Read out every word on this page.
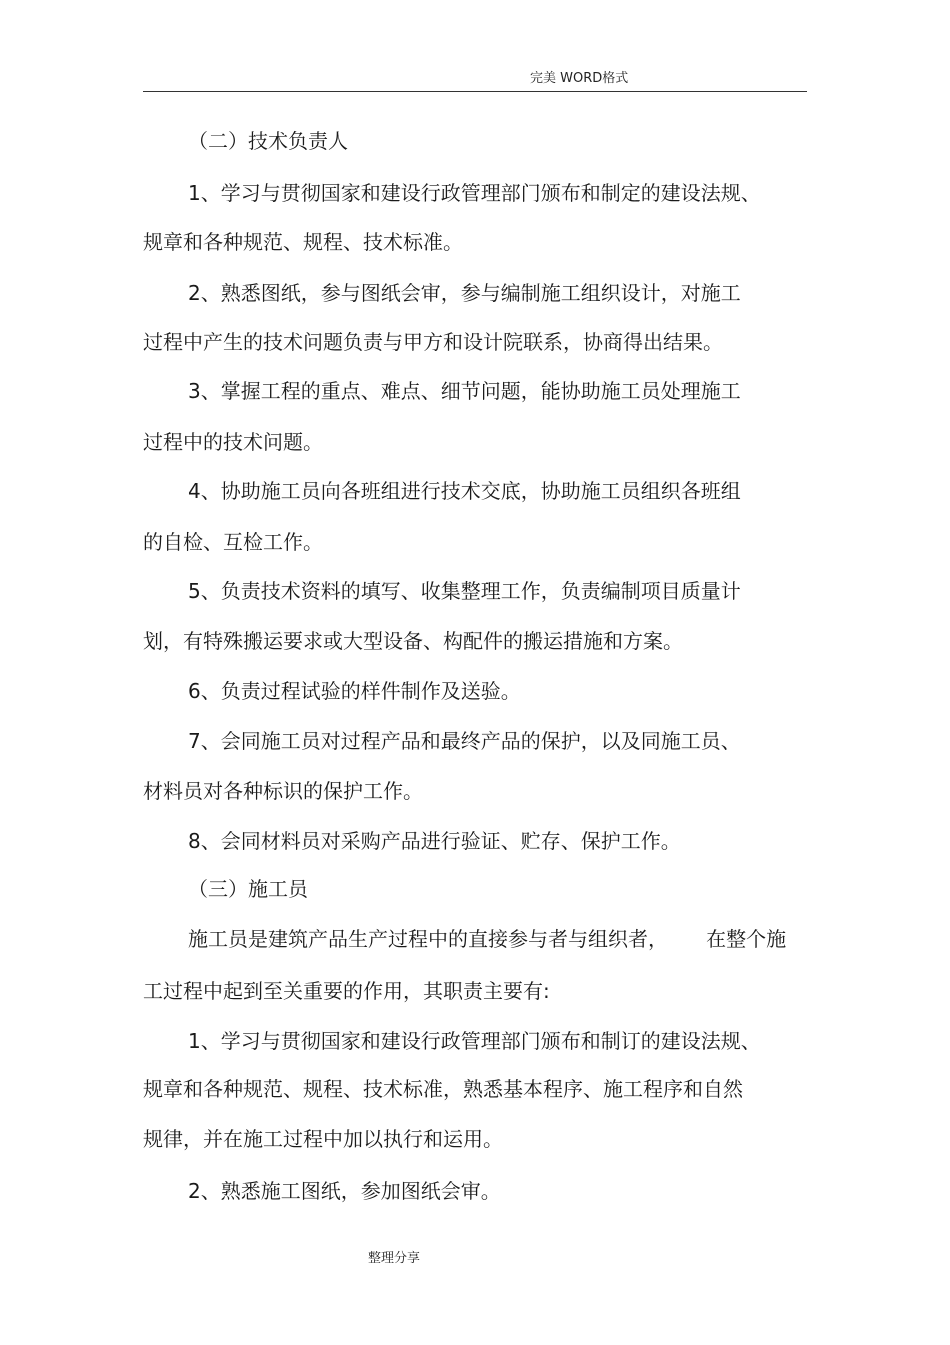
完美 WORD格式
（二）技术负责人
1、学习与贯彻国家和建设行政管理部门颁布和制定的建设法规、
规章和各种规范、规程、技术标准。
2、熟悉图纸，参与图纸会审，参与编制施工组织设计，对施工
过程中产生的技术问题负责与甲方和设计院联系，协商得出结果。
3、掌握工程的重点、难点、细节问题，能协助施工员处理施工
过程中的技术问题。
4、协助施工员向各班组进行技术交底，协助施工员组织各班组
的自检、互检工作。
5、负责技术资料的填写、收集整理工作，负责编制项目质量计
划，有特殊搬运要求或大型设备、构配件的搬运措施和方案。
6、负责过程试验的样件制作及送验。
7、会同施工员对过程产品和最终产品的保护，以及同施工员、
材料员对各种标识的保护工作。
8、会同材料员对采购产品进行验证、贮存、保护工作。
（三）施工员
施工员是建筑产品生产过程中的直接参与者与组织者，      在整个施
工过程中起到至关重要的作用，其职责主要有:
1、学习与贯彻国家和建设行政管理部门颁布和制订的建设法规、
规章和各种规范、规程、技术标准，熟悉基本程序、施工程序和自然
规律，并在施工过程中加以执行和运用。
2、熟悉施工图纸，参加图纸会审。
整理分享
